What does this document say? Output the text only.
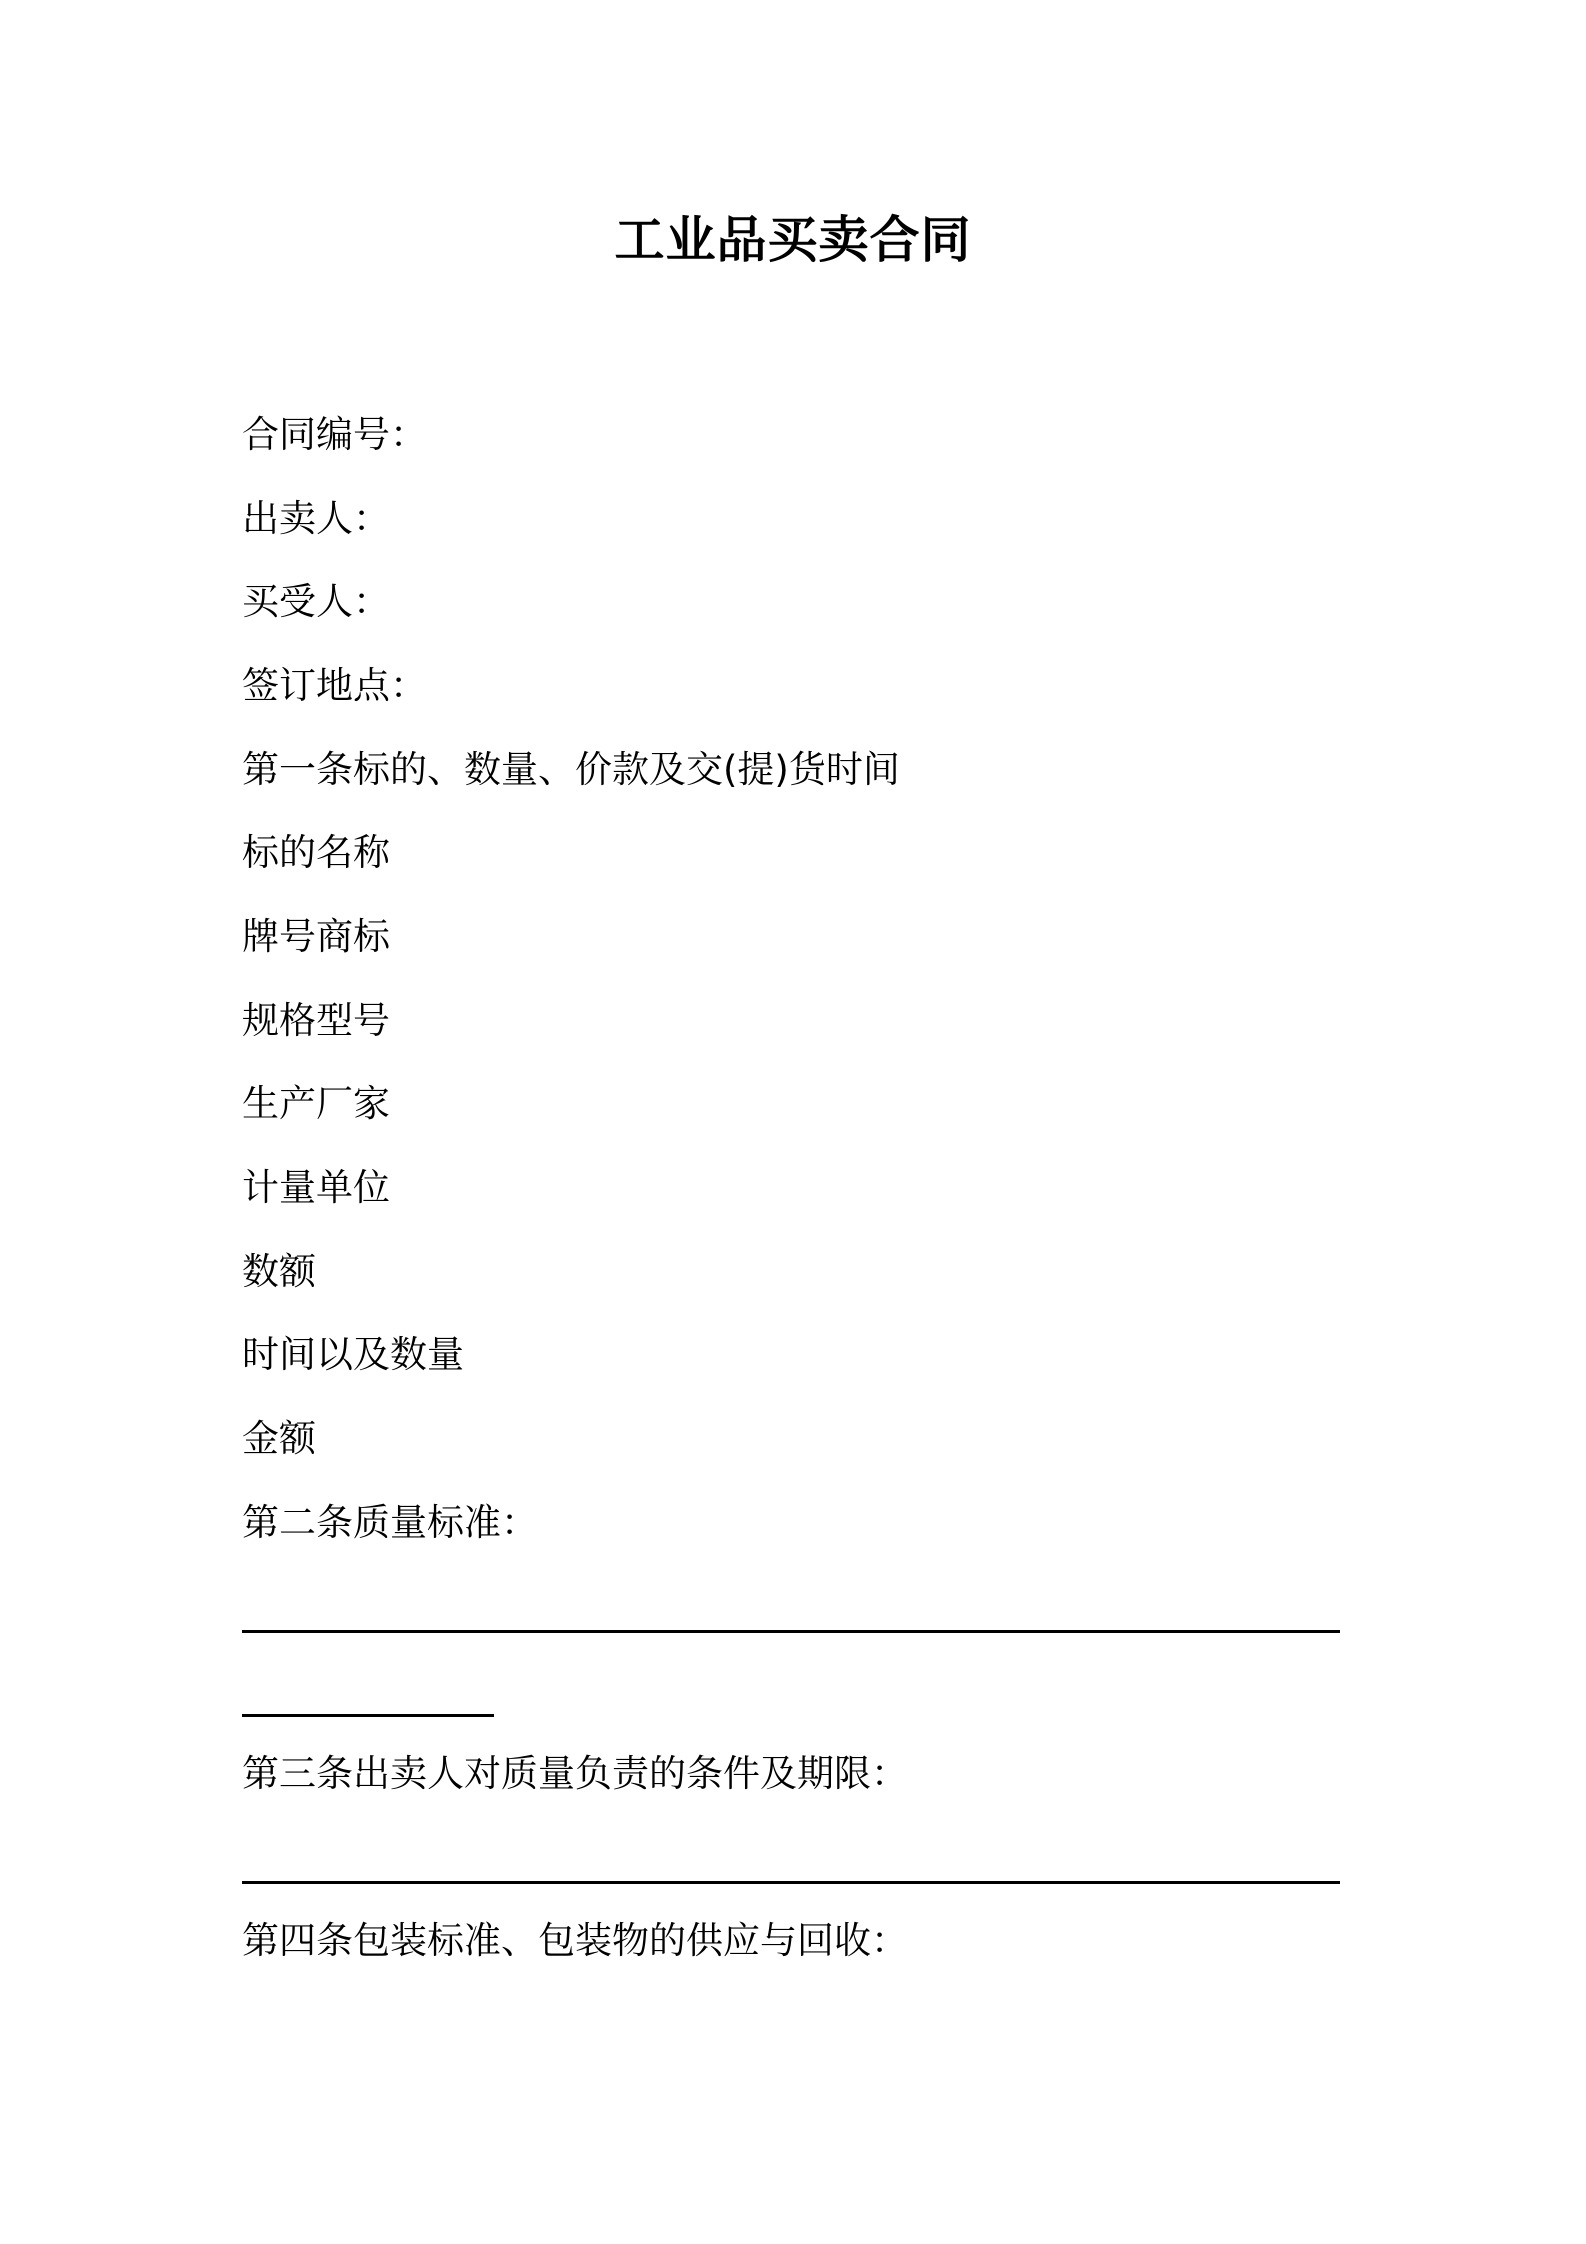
工业品买卖合同
合同编号：
出卖人：
买受人：
签订地点：
第一条标的、数量、价款及交(提)货时间
标的名称
牌号商标
规格型号
生产厂家
计量单位
数额
时间以及数量
金额
第二条质量标准：
第三条出卖人对质量负责的条件及期限：
第四条包装标准、包装物的供应与回收：
